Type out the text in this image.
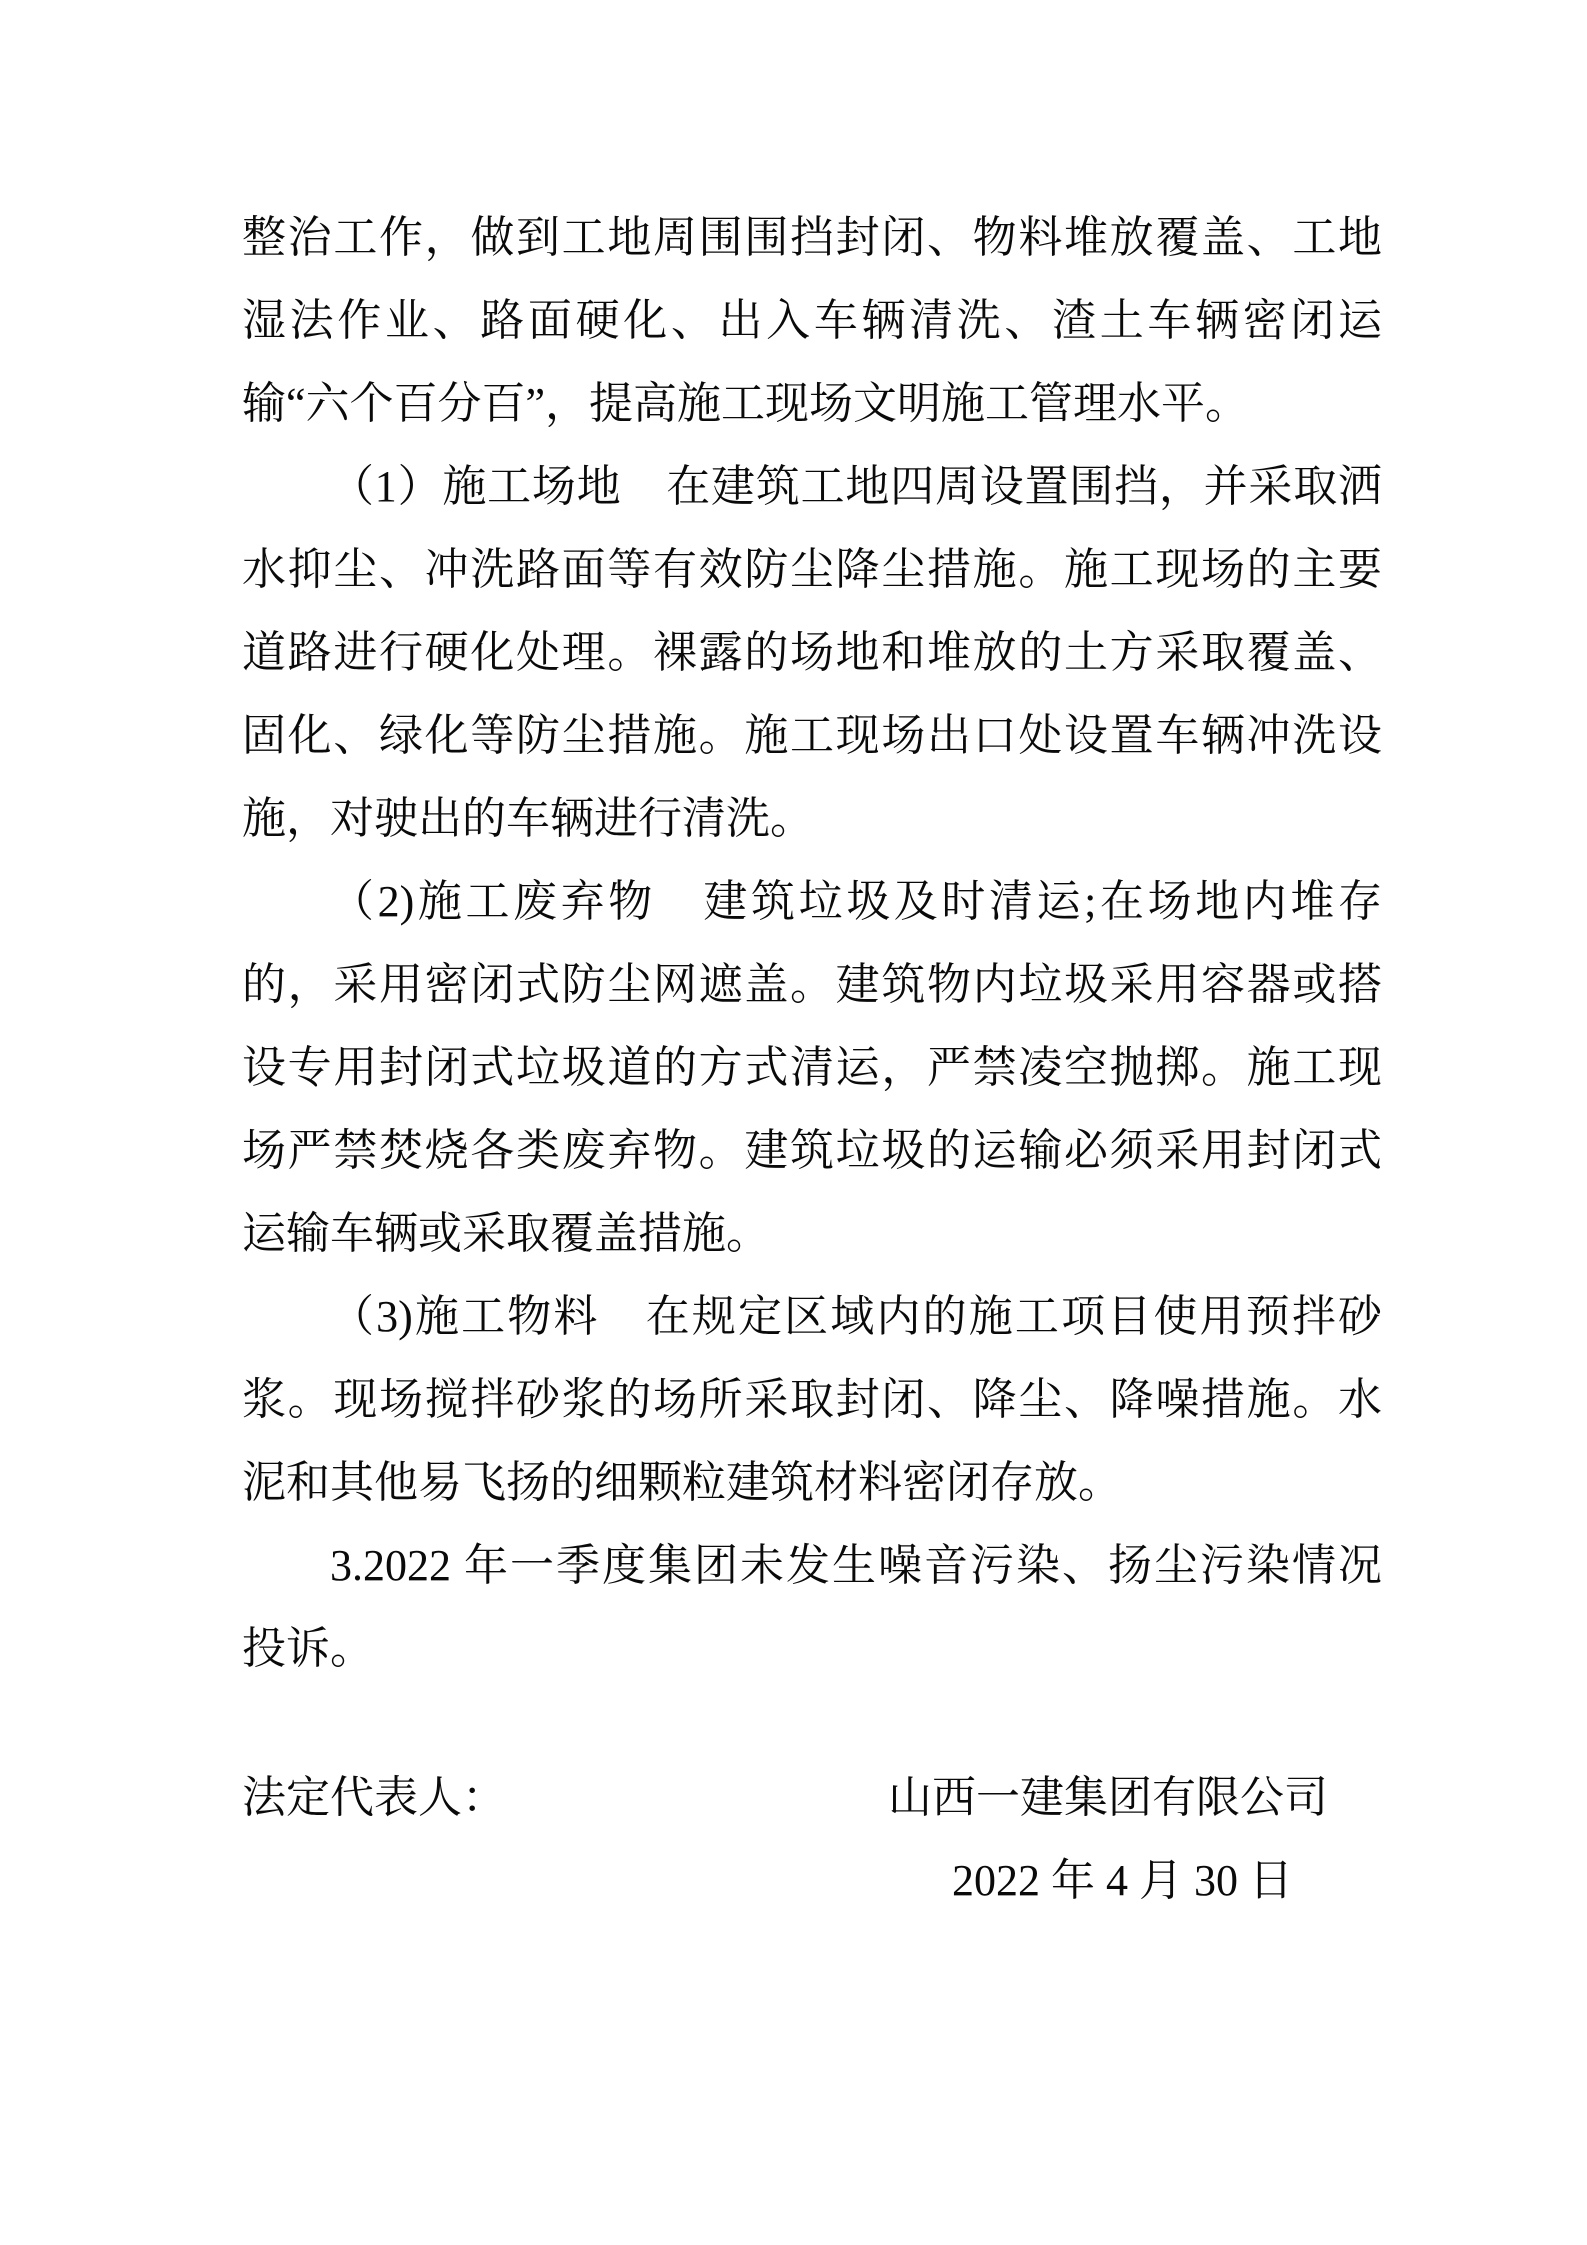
整治工作，做到工地周围围挡封闭、物料堆放覆盖、工地湿法作业、路面硬化、出入车辆清洗、渣土车辆密闭运输“六个百分百”，提高施工现场文明施工管理水平。

（1）施工场地　在建筑工地四周设置围挡，并采取洒水抑尘、冲洗路面等有效防尘降尘措施。施工现场的主要道路进行硬化处理。裸露的场地和堆放的土方采取覆盖、固化、绿化等防尘措施。施工现场出口处设置车辆冲洗设施，对驶出的车辆进行清洗。

（2)施工废弃物　建筑垃圾及时清运;在场地内堆存的，采用密闭式防尘网遮盖。建筑物内垃圾采用容器或搭设专用封闭式垃圾道的方式清运，严禁凌空抛掷。施工现场严禁焚烧各类废弃物。建筑垃圾的运输必须采用封闭式运输车辆或采取覆盖措施。

（3)施工物料　在规定区域内的施工项目使用预拌砂浆。现场搅拌砂浆的场所采取封闭、降尘、降噪措施。水泥和其他易飞扬的细颗粒建筑材料密闭存放。

3.2022 年一季度集团未发生噪音污染、扬尘污染情况投诉。

法定代表人：	山西一建集团有限公司
2022 年 4 月 30 日
